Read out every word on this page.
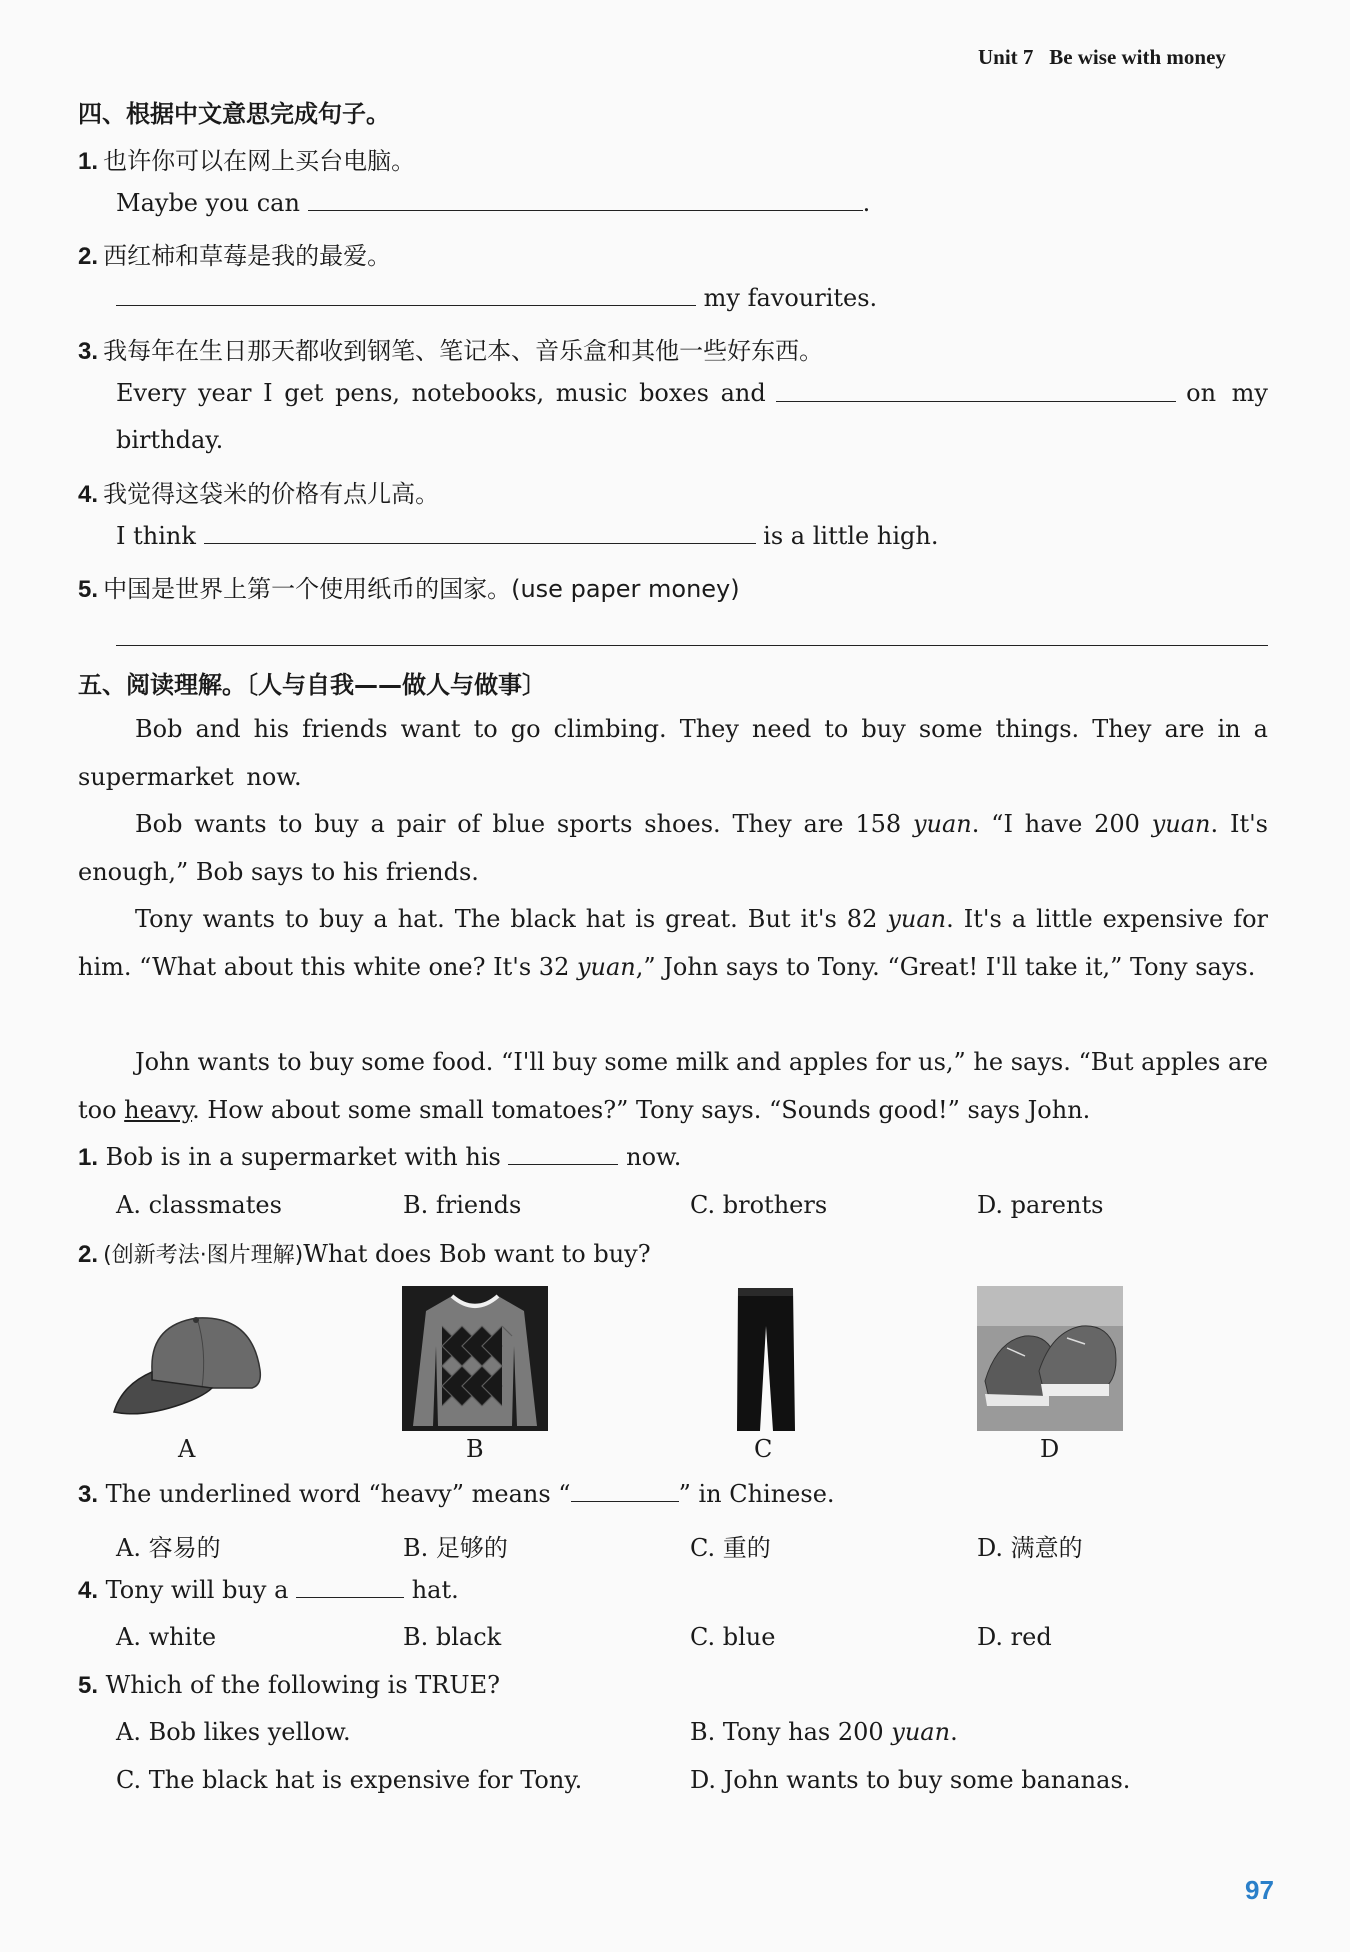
Unit 7 Be wise with money
四、根据中文意思完成句子。
1. 也许你可以在网上买台电脑。
Maybe you can	.
2. 西红柿和草莓是我的最爱。
my favourites.
3. 我每年在生日那天都收到钢笔、笔记本、音乐盒和其他一些好东西。
Every year I get pens, notebooks, music boxes and	on my
birthday.
4. 我觉得这袋米的价格有点儿高。
I think	is a little high.
5. 中国是世界上第一个使用纸币的国家。(use paper money)
五、阅读理解。〔人与自我——做人与做事〕
Bob and his friends want to go climbing. They need to buy some things. They are in a supermarket now.
Bob wants to buy a pair of blue sports shoes. They are 158 yuan. “I have 200 yuan. It's enough,” Bob says to his friends.
Tony wants to buy a hat. The black hat is great. But it's 82 yuan. It's a little expensive for him. “What about this white one? It's 32 yuan,” John says to Tony. “Great! I'll take it,” Tony says.
John wants to buy some food. “I'll buy some milk and apples for us,” he says. “But apples are too heavy. How about some small tomatoes?” Tony says. “Sounds good!” says John.
1. Bob is in a supermarket with his	now.
A. classmates	B. friends	C. brothers	D. parents
2. (创新考法·图片理解)What does Bob want to buy?
A	B	C	D
3. The underlined word “heavy” means “	” in Chinese.
A. 容易的	B. 足够的	C. 重的	D. 满意的
4. Tony will buy a	hat.
A. white	B. black	C. blue	D. red
5. Which of the following is TRUE?
A. Bob likes yellow.	B. Tony has 200 yuan.
C. The black hat is expensive for Tony.	D. John wants to buy some bananas.
97
